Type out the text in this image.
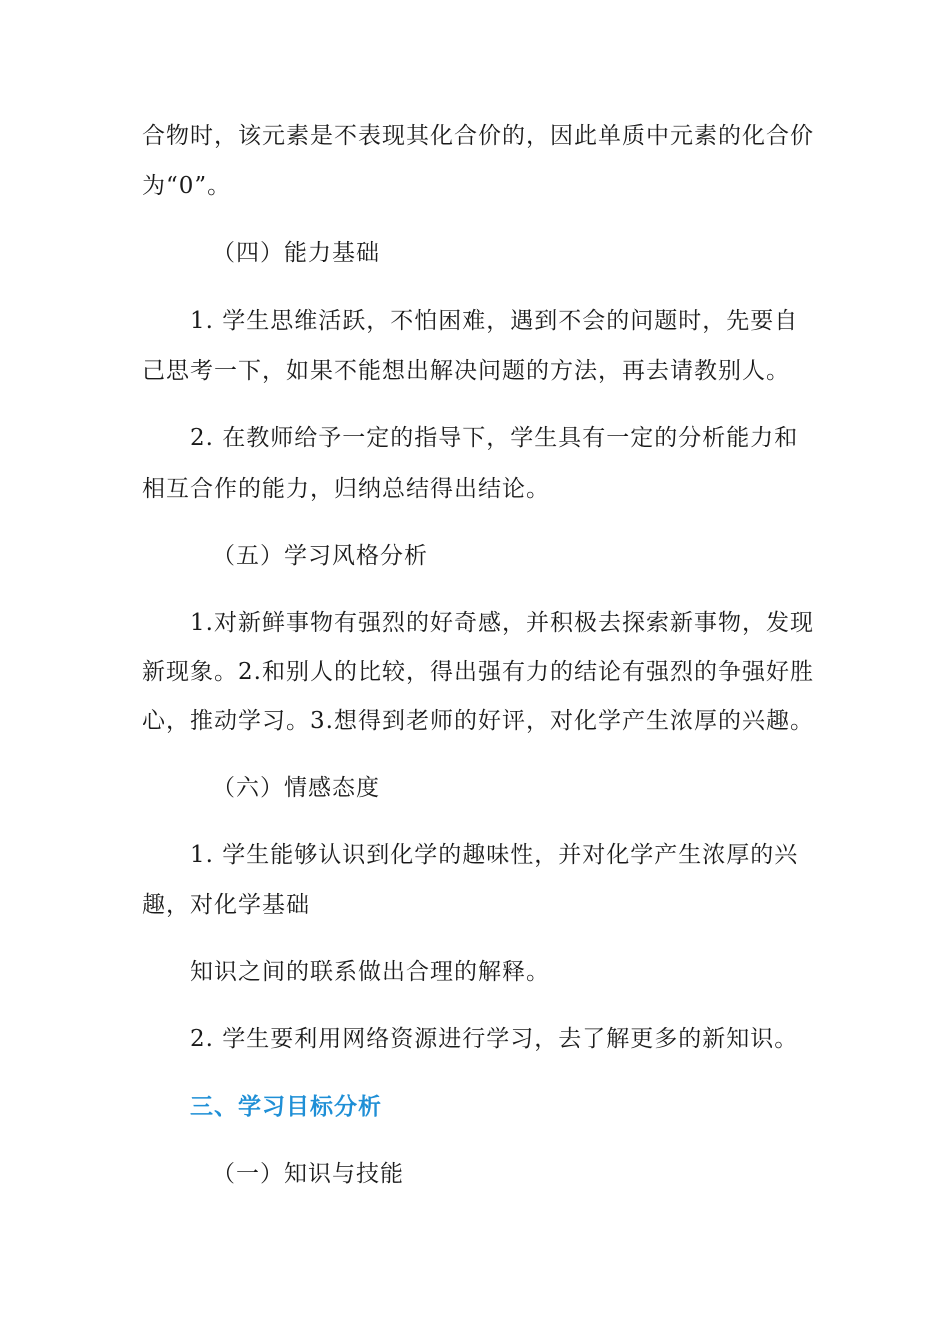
合物时，该元素是不表现其化合价的，因此单质中元素的化合价
为“0”。
（四）能力基础
1. 学生思维活跃，不怕困难，遇到不会的问题时，先要自
己思考一下，如果不能想出解决问题的方法，再去请教别人。
2. 在教师给予一定的指导下，学生具有一定的分析能力和
相互合作的能力，归纳总结得出结论。
（五）学习风格分析
1.对新鲜事物有强烈的好奇感，并积极去探索新事物，发现
新现象。2.和别人的比较，得出强有力的结论有强烈的争强好胜
心，推动学习。3.想得到老师的好评，对化学产生浓厚的兴趣。
（六）情感态度
1. 学生能够认识到化学的趣味性，并对化学产生浓厚的兴
趣，对化学基础
知识之间的联系做出合理的解释。
2. 学生要利用网络资源进行学习，去了解更多的新知识。
三、学习目标分析
（一）知识与技能
